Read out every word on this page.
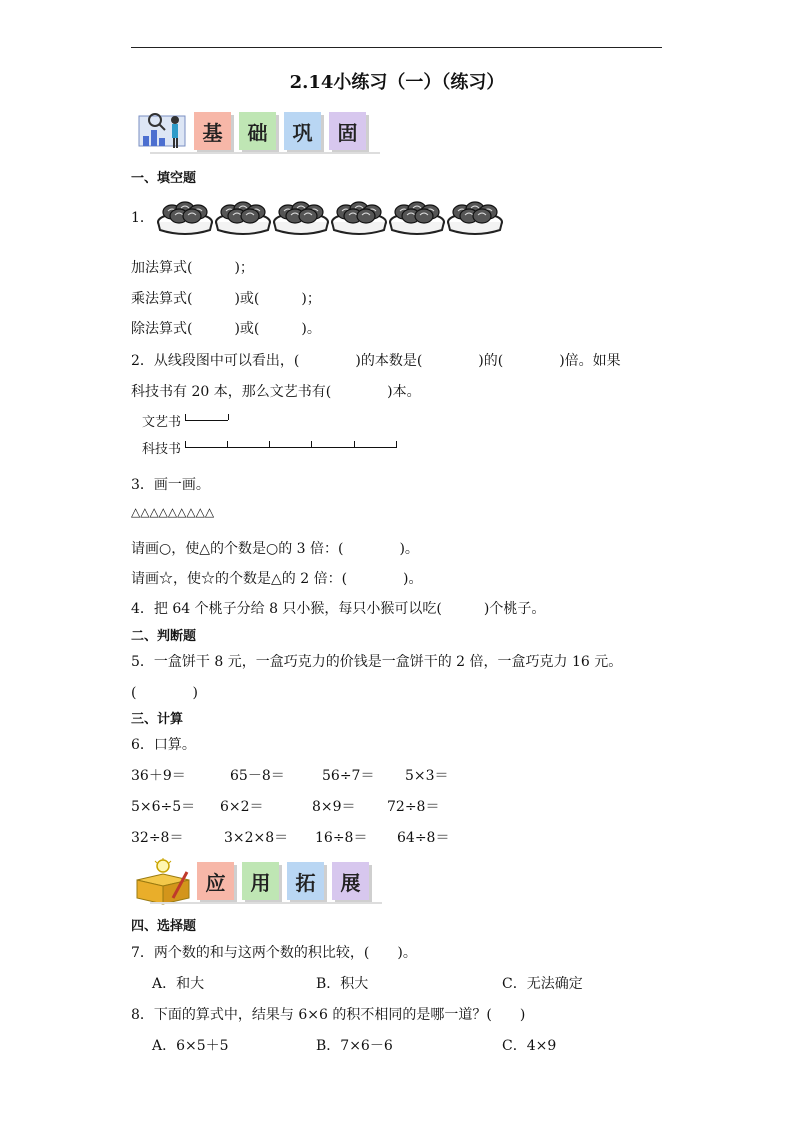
2.14小练习（一）（练习）
基	础	巩	固
一、填空题
1．
加法算式(　　　)；
乘法算式(　　　)或(　　　)；
除法算式(　　　)或(　　　)。
2．从线段图中可以看出，(　　　　)的本数是(　　　　)的(　　　　)倍。如果
科技书有 20 本，那么文艺书有(　　　　)本。
文艺书
科技书
3．画一画。
△△△△△△△△△
请画○，使△的个数是○的 3 倍：(　　　　)。
请画☆，使☆的个数是△的 2 倍：(　　　　)。
4．把 64 个桃子分给 8 只小猴，每只小猴可以吃(　　　)个桃子。
二、判断题
5．一盒饼干 8 元，一盒巧克力的价钱是一盒饼干的 2 倍，一盒巧克力 16 元。
(　　　　)
三、计算
6．口算。
36＋9＝	65－8＝	56÷7＝ 5×3＝
5×6÷5＝ 6×2＝	8×9＝ 72÷8＝
32÷8＝	3×2×8＝ 16÷8＝ 64÷8＝
应	用	拓	展
四、选择题
7．两个数的和与这两个数的积比较，(　　)。
A．和大	B．积大	C．无法确定
8．下面的算式中，结果与 6×6 的积不相同的是哪一道？(　　)
A．6×5＋5	B．7×6－6	C．4×9
